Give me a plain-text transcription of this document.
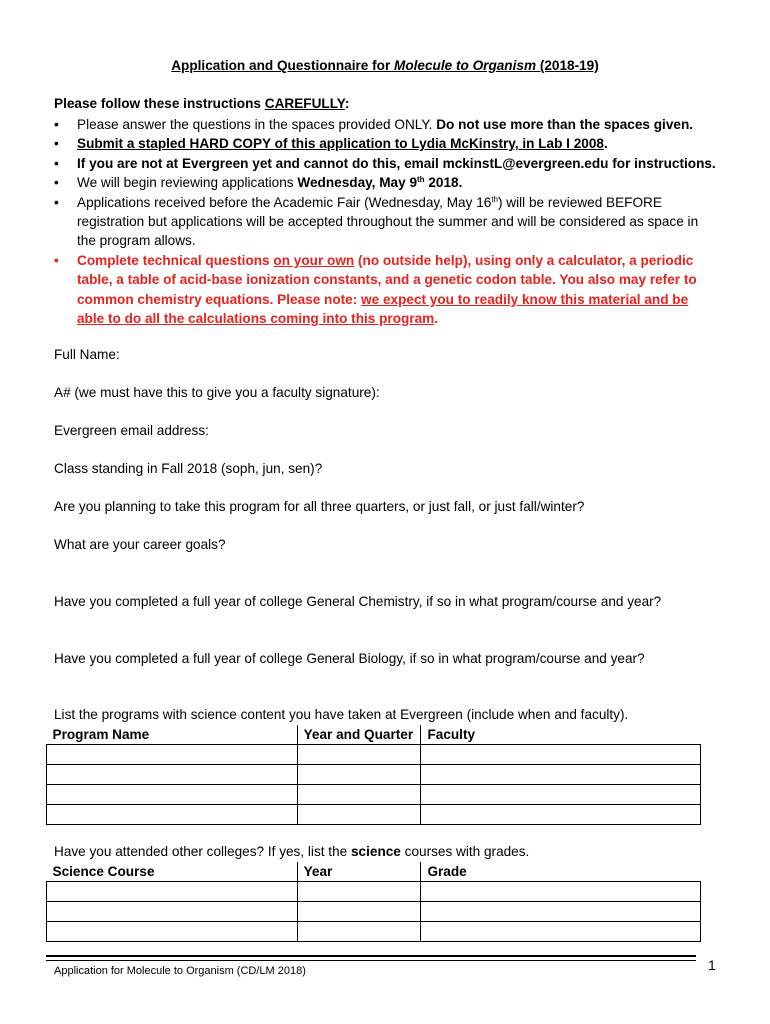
Application and Questionnaire for Molecule to Organism (2018-19)
Please follow these instructions CAREFULLY:
• Please answer the questions in the spaces provided ONLY. Do not use more than the spaces given.
• Submit a stapled HARD COPY of this application to Lydia McKinstry, in Lab I 2008.
• If you are not at Evergreen yet and cannot do this, email mckinstL@evergreen.edu for instructions.
• We will begin reviewing applications Wednesday, May 9th 2018.
• Applications received before the Academic Fair (Wednesday, May 16th) will be reviewed BEFORE registration but applications will be accepted throughout the summer and will be considered as space in the program allows.
• Complete technical questions on your own (no outside help), using only a calculator, a periodic table, a table of acid-base ionization constants, and a genetic codon table. You also may refer to common chemistry equations. Please note: we expect you to readily know this material and be able to do all the calculations coming into this program.
Full Name:
A# (we must have this to give you a faculty signature):
Evergreen email address:
Class standing in Fall 2018 (soph, jun, sen)?
Are you planning to take this program for all three quarters, or just fall, or just fall/winter?
What are your career goals?
Have you completed a full year of college General Chemistry, if so in what program/course and year?
Have you completed a full year of college General Biology, if so in what program/course and year?
List the programs with science content you have taken at Evergreen (include when and faculty).
Program Name	Year and Quarter	Faculty

Have you attended other colleges? If yes, list the science courses with grades.
Science Course	Year	Grade

Application for Molecule to Organism (CD/LM 2018)	1
